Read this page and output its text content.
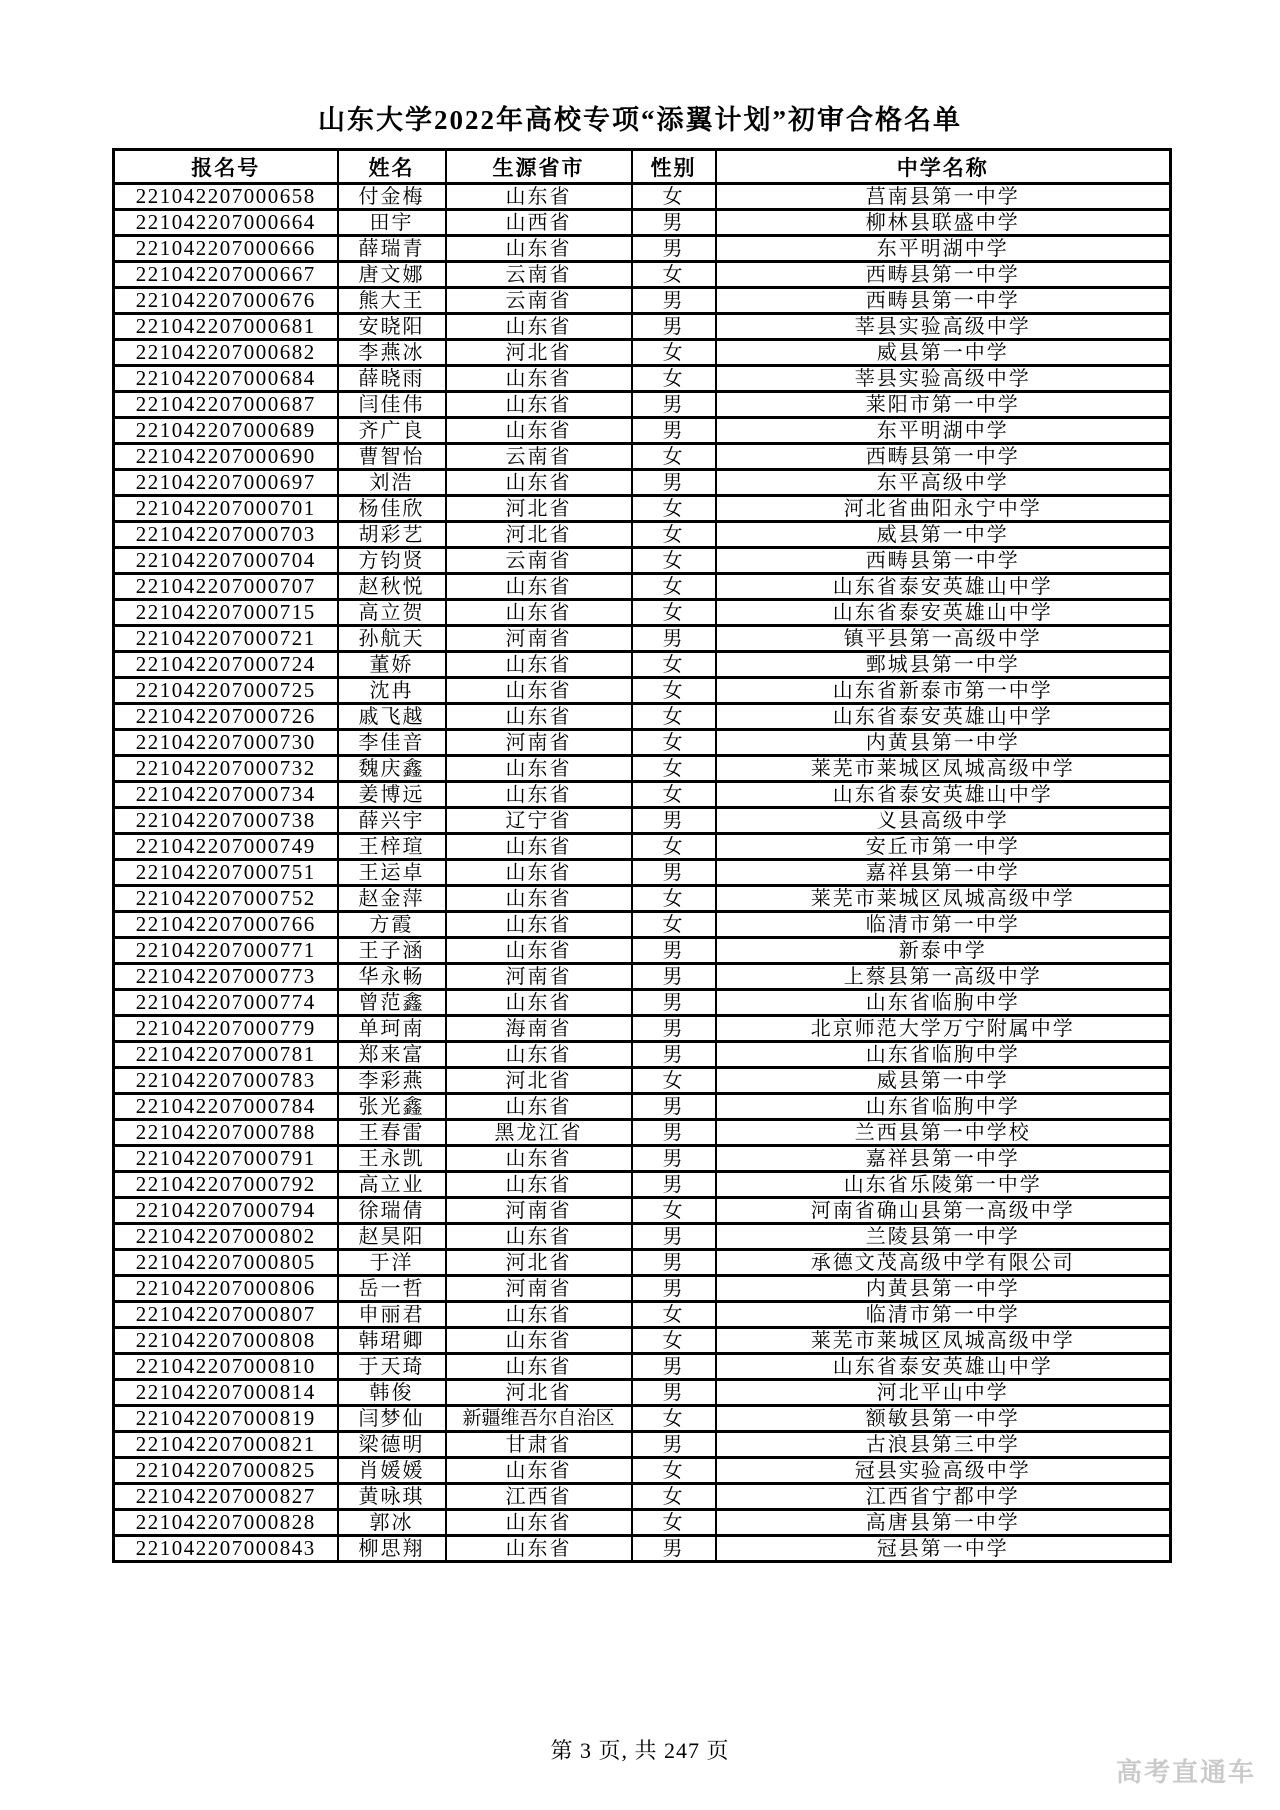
山东大学2022年高校专项“添翼计划”初审合格名单
报名号	姓名	生源省市	性别	中学名称
221042207000658	付金梅	山东省	女	莒南县第一中学
221042207000664	田宇	山西省	男	柳林县联盛中学
221042207000666	薛瑞青	山东省	男	东平明湖中学
221042207000667	唐文娜	云南省	女	西畴县第一中学
221042207000676	熊大王	云南省	男	西畴县第一中学
221042207000681	安晓阳	山东省	男	莘县实验高级中学
221042207000682	李燕冰	河北省	女	威县第一中学
221042207000684	薛晓雨	山东省	女	莘县实验高级中学
221042207000687	闫佳伟	山东省	男	莱阳市第一中学
221042207000689	齐广良	山东省	男	东平明湖中学
221042207000690	曹智怡	云南省	女	西畴县第一中学
221042207000697	刘浩	山东省	男	东平高级中学
221042207000701	杨佳欣	河北省	女	河北省曲阳永宁中学
221042207000703	胡彩艺	河北省	女	威县第一中学
221042207000704	方钧贤	云南省	女	西畴县第一中学
221042207000707	赵秋悦	山东省	女	山东省泰安英雄山中学
221042207000715	高立贺	山东省	女	山东省泰安英雄山中学
221042207000721	孙航天	河南省	男	镇平县第一高级中学
221042207000724	董娇	山东省	女	鄄城县第一中学
221042207000725	沈冉	山东省	女	山东省新泰市第一中学
221042207000726	戚飞越	山东省	女	山东省泰安英雄山中学
221042207000730	李佳音	河南省	女	内黄县第一中学
221042207000732	魏庆鑫	山东省	女	莱芜市莱城区凤城高级中学
221042207000734	姜博远	山东省	女	山东省泰安英雄山中学
221042207000738	薛兴宇	辽宁省	男	义县高级中学
221042207000749	王梓瑄	山东省	女	安丘市第一中学
221042207000751	王运卓	山东省	男	嘉祥县第一中学
221042207000752	赵金萍	山东省	女	莱芜市莱城区凤城高级中学
221042207000766	方霞	山东省	女	临清市第一中学
221042207000771	王子涵	山东省	男	新泰中学
221042207000773	华永畅	河南省	男	上蔡县第一高级中学
221042207000774	曾范鑫	山东省	男	山东省临朐中学
221042207000779	单珂南	海南省	男	北京师范大学万宁附属中学
221042207000781	郑来富	山东省	男	山东省临朐中学
221042207000783	李彩燕	河北省	女	威县第一中学
221042207000784	张光鑫	山东省	男	山东省临朐中学
221042207000788	王春雷	黑龙江省	男	兰西县第一中学校
221042207000791	王永凯	山东省	男	嘉祥县第一中学
221042207000792	高立业	山东省	男	山东省乐陵第一中学
221042207000794	徐瑞倩	河南省	女	河南省确山县第一高级中学
221042207000802	赵昊阳	山东省	男	兰陵县第一中学
221042207000805	于洋	河北省	男	承德文茂高级中学有限公司
221042207000806	岳一哲	河南省	男	内黄县第一中学
221042207000807	申丽君	山东省	女	临清市第一中学
221042207000808	韩珺卿	山东省	女	莱芜市莱城区凤城高级中学
221042207000810	于天琦	山东省	男	山东省泰安英雄山中学
221042207000814	韩俊	河北省	男	河北平山中学
221042207000819	闫梦仙	新疆维吾尔自治区	女	额敏县第一中学
221042207000821	梁德明	甘肃省	男	古浪县第三中学
221042207000825	肖媛媛	山东省	女	冠县实验高级中学
221042207000827	黄咏琪	江西省	女	江西省宁都中学
221042207000828	郭冰	山东省	女	高唐县第一中学
221042207000843	柳思翔	山东省	男	冠县第一中学
第 3 页, 共 247 页
高考直通车
